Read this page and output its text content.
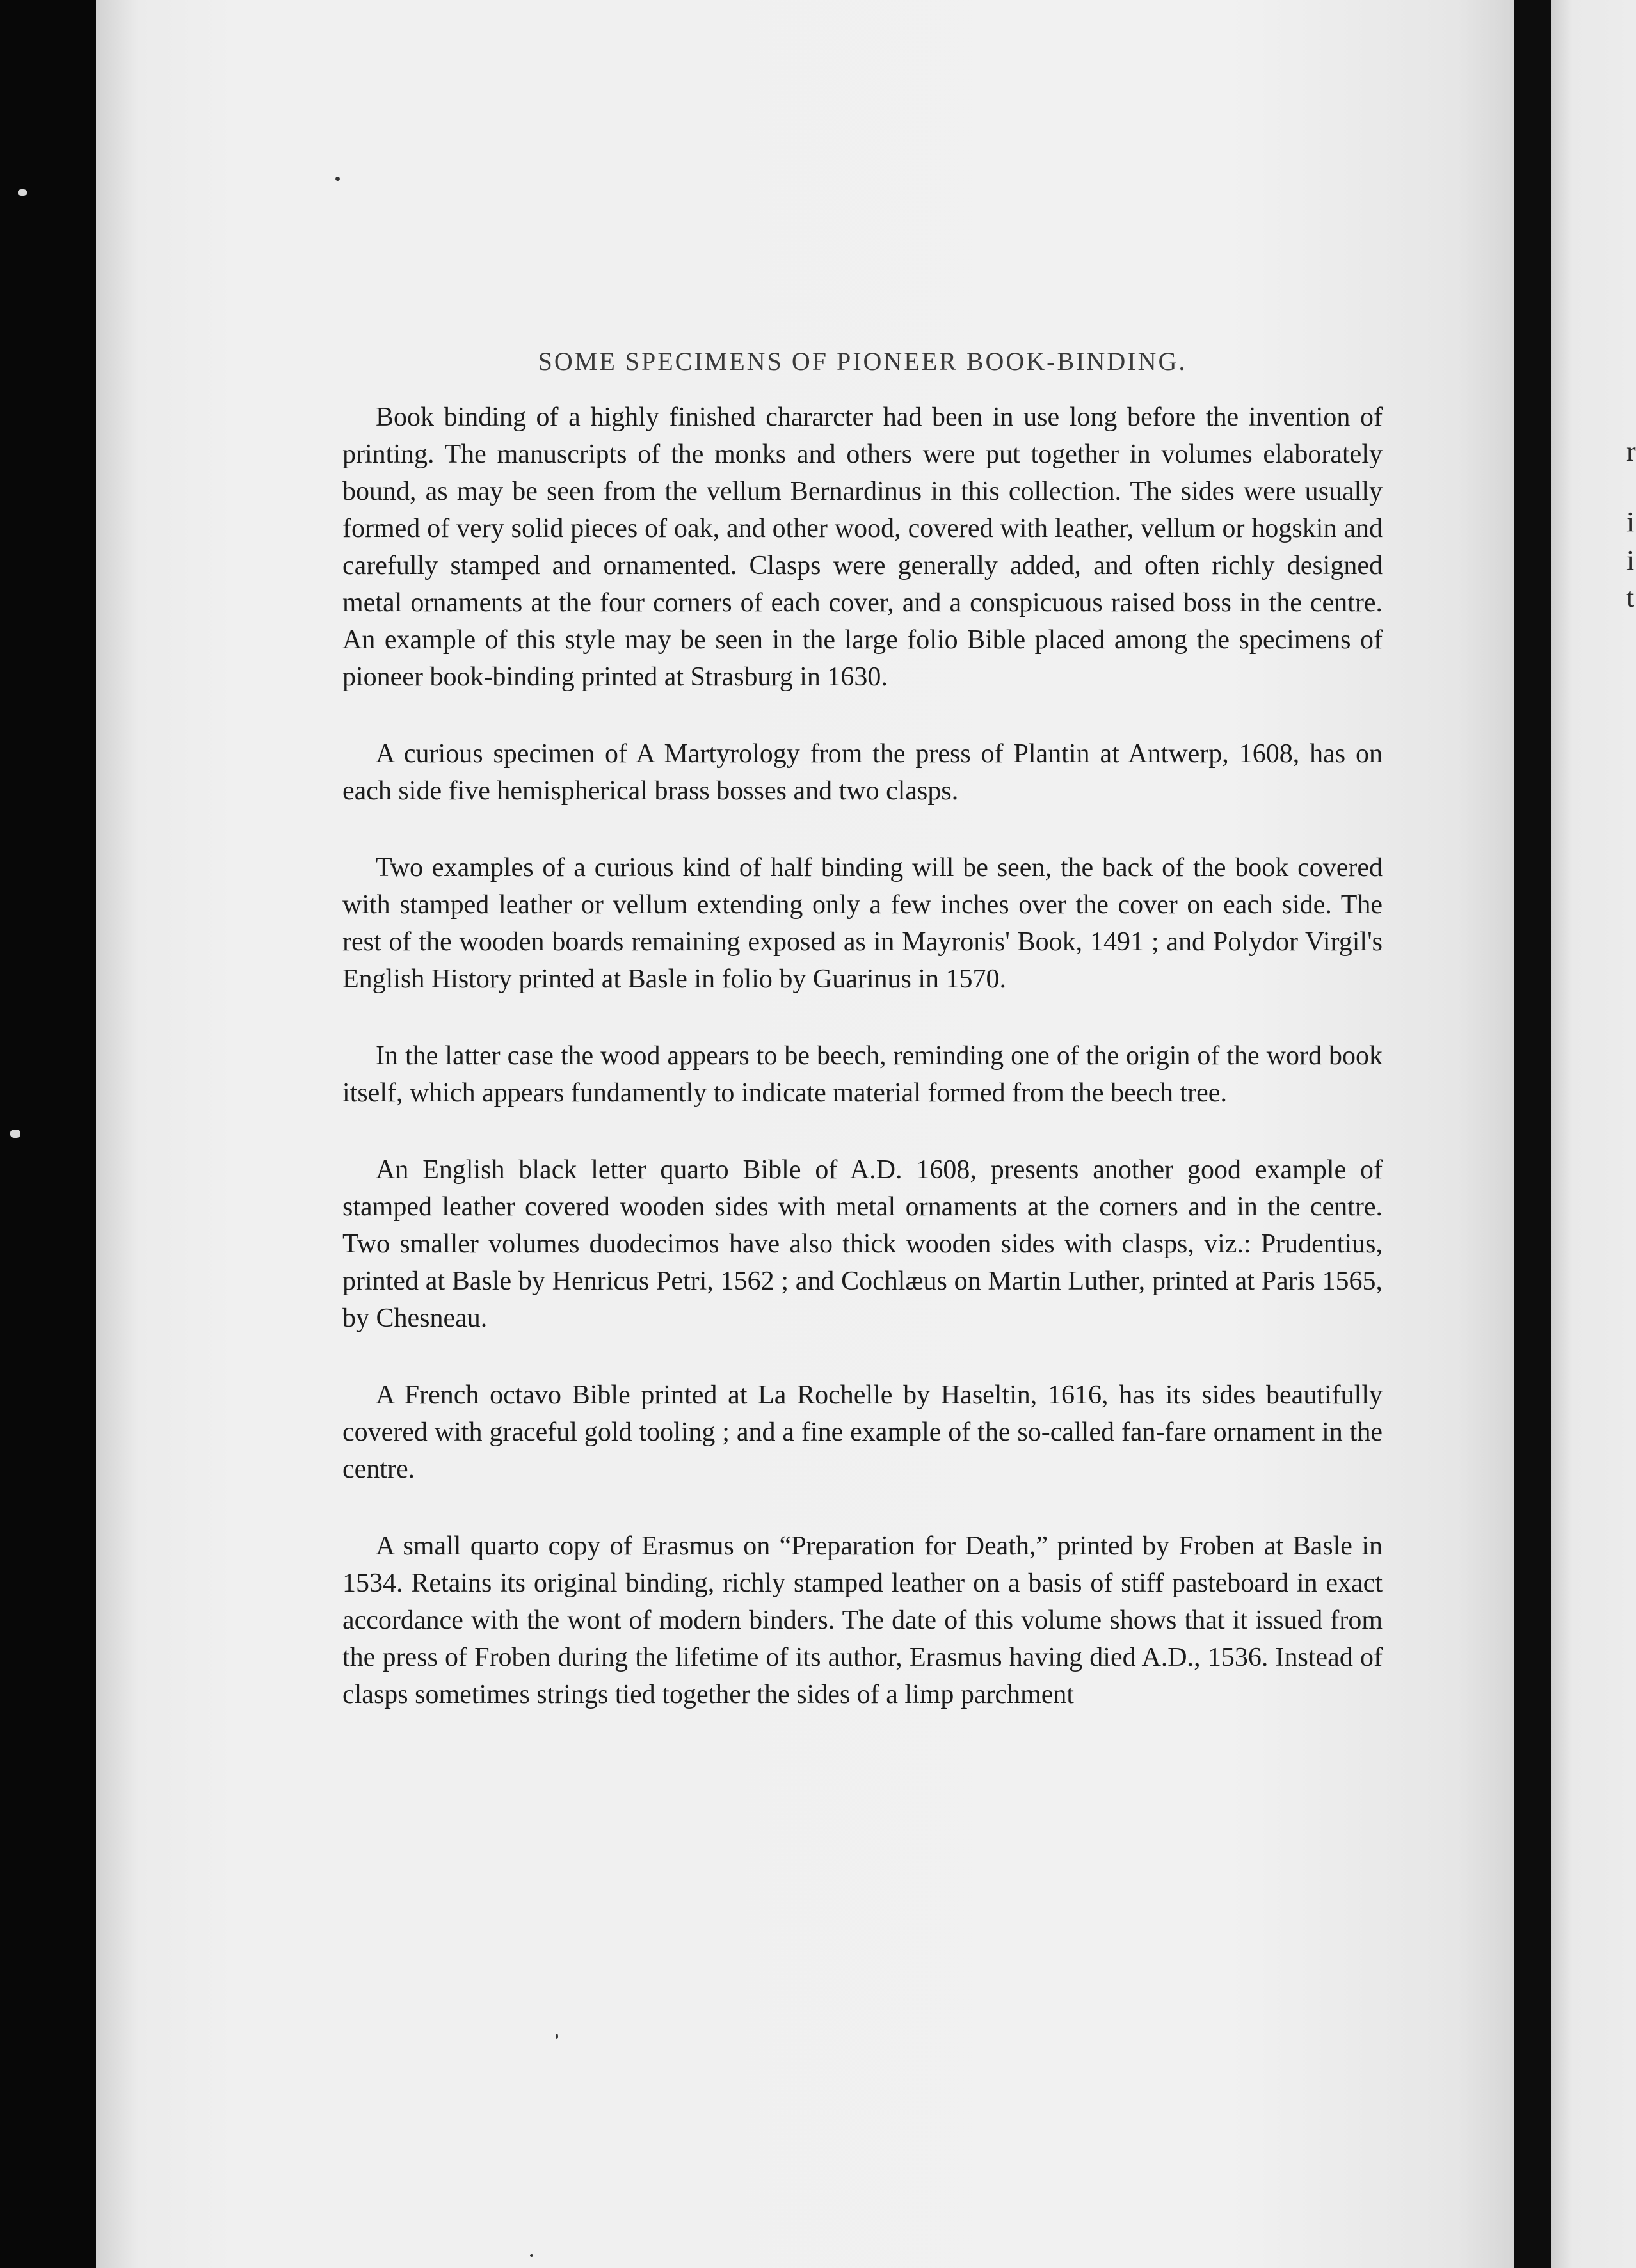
r
i
i
t
SOME SPECIMENS OF PIONEER BOOK-BINDING.

Book binding of a highly finished chararcter had been in use long before the invention of printing. The manuscripts of the monks and others were put together in volumes elaborately bound, as may be seen from the vellum Bernardinus in this collection. The sides were usually formed of very solid pieces of oak, and other wood, covered with leather, vellum or hogskin and carefully stamped and ornamented. Clasps were generally added, and often richly designed metal ornaments at the four corners of each cover, and a conspicuous raised boss in the centre. An example of this style may be seen in the large folio Bible placed among the specimens of pioneer book-binding printed at Strasburg in 1630.

A curious specimen of A Martyrology from the press of Plantin at Antwerp, 1608, has on each side five hemispherical brass bosses and two clasps.

Two examples of a curious kind of half binding will be seen, the back of the book covered with stamped leather or vellum extending only a few inches over the cover on each side. The rest of the wooden boards remaining exposed as in Mayronis' Book, 1491 ; and Polydor Virgil's English History printed at Basle in folio by Guarinus in 1570.

In the latter case the wood appears to be beech, reminding one of the origin of the word book itself, which appears fundamently to indicate material formed from the beech tree.

An English black letter quarto Bible of A.D. 1608, presents another good example of stamped leather covered wooden sides with metal ornaments at the corners and in the centre. Two smaller volumes duodecimos have also thick wooden sides with clasps, viz.: Prudentius, printed at Basle by Henricus Petri, 1562 ; and Cochlæus on Martin Luther, printed at Paris 1565, by Chesneau.

A French octavo Bible printed at La Rochelle by Haseltin, 1616, has its sides beautifully covered with graceful gold tooling ; and a fine example of the so-called fan-fare ornament in the centre.

A small quarto copy of Erasmus on “Preparation for Death,” printed by Froben at Basle in 1534. Retains its original binding, richly stamped leather on a basis of stiff pasteboard in exact accordance with the wont of modern binders. The date of this volume shows that it issued from the press of Froben during the lifetime of its author, Erasmus having died A.D., 1536. Instead of clasps sometimes strings tied together the sides of a limp parchment
